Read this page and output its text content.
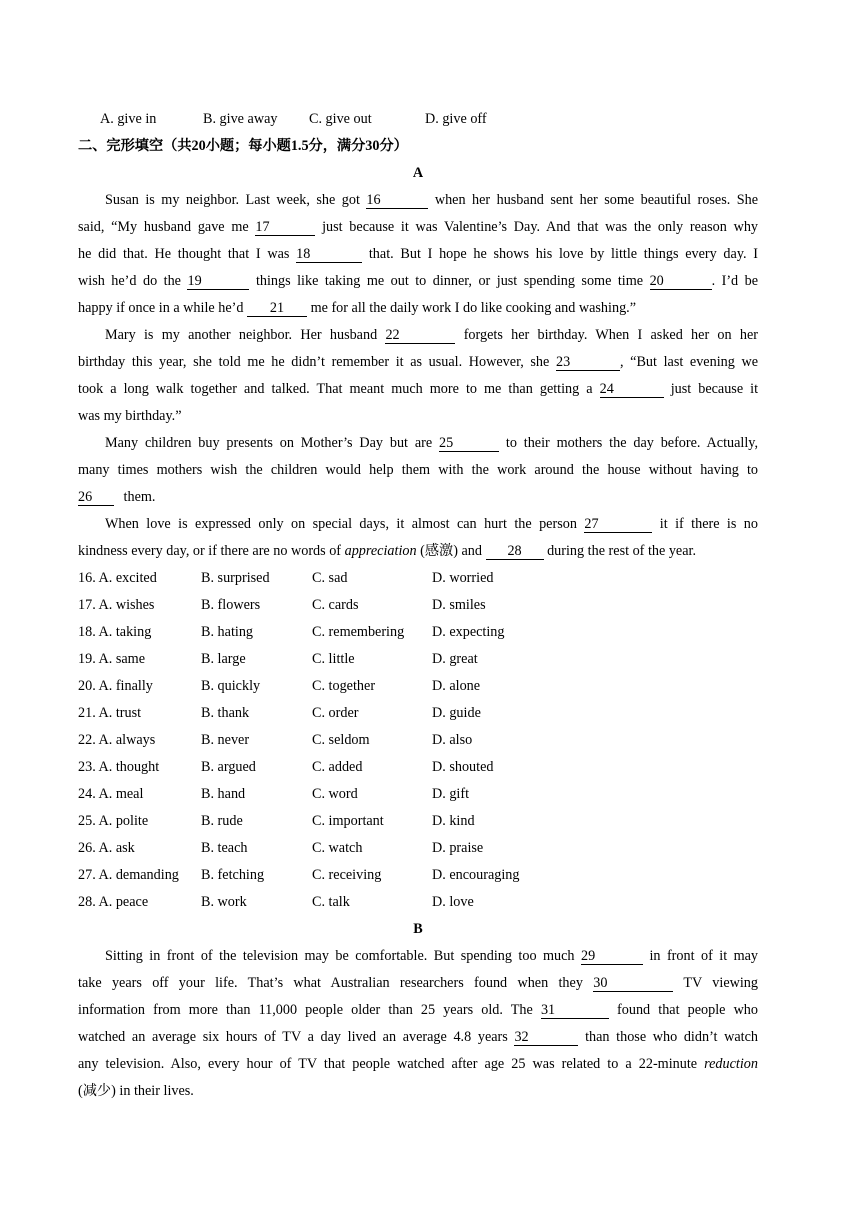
A. give in	B. give away C. give out	D. give off
二、完形填空（共20小题；每小题1.5分，满分30分）
A
Susan is my neighbor. Last week, she got 16	when her husband sent her some beautiful roses. She
said, “My husband gave me 17	just because it was Valentine’s Day. And that was the only reason why
he did that. He thought that I was 18	that. But I hope he shows his love by little things every day. I
wish he’d do the 19	things like taking me out to dinner, or just spending some time 20	. I’d be
happy if once in a while he’d 21 me for all the daily work I do like cooking and washing.”
Mary is my another neighbor. Her husband 22	forgets her birthday. When I asked her on her
birthday this year, she told me he didn’t remember it as usual. However, she 23	, “But last evening we
took a long walk together and talked. That meant much more to me than getting a 24	just because it
was my birthday.”
Many children buy presents on Mother’s Day but are 25	to their mothers the day before. Actually,
many times mothers wish the children would help them with the work around the house without having to
26 them.
When love is expressed only on special days, it almost can hurt the person 27	it if there is no
kindness every day, or if there are no words of appreciation (感激) and 28 during the rest of the year.
16. A. excited	B. surprised	C. sad	D. worried
17. A. wishes	B. flowers	C. cards	D. smiles
18. A. taking	B. hating	C. remembering D. expecting
19. A. same	B. large	C. little	D. great
20. A. finally	B. quickly	C. together	D. alone
21. A. trust	B. thank	C. order	D. guide
22. A. always	B. never	C. seldom	D. also
23. A. thought	B. argued	C. added	D. shouted
24. A. meal	B. hand	C. word	D. gift
25. A. polite	B. rude	C. important	D. kind
26. A. ask	B. teach	C. watch	D. praise
27. A. demanding B. fetching	C. receiving	D. encouraging
28. A. peace	B. work	C. talk	D. love
B
Sitting in front of the television may be comfortable. But spending too much 29	in front of it may
take years off your life. That’s what Australian researchers found when they 30	TV viewing
information from more than 11,000 people older than 25 years old. The 31	found that people who
watched an average six hours of TV a day lived an average 4.8 years 32	than those who didn’t watch
any television. Also, every hour of TV that people watched after age 25 was related to a 22-minute reduction
(减少) in their lives.
